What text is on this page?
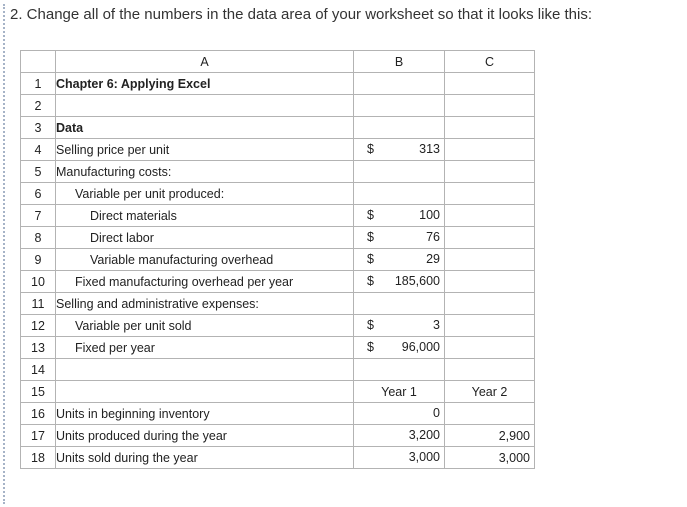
2. Change all of the numbers in the data area of your worksheet so that it looks like this:
	A	B	C
1	Chapter 6: Applying Excel	

2		

3	Data	

4	Selling price per unit	$ 313	

5	Manufacturing costs:	

6	Variable per unit produced:	

7	Direct materials	$ 100	

8	Direct labor	$ 76	

9	Variable manufacturing overhead	$ 29	

10	Fixed manufacturing overhead per year	$ 185,600	

11	Selling and administrative expenses:	

12	Variable per unit sold	$ 3	

13	Fixed per year	$ 96,000	

14		

15		Year 1	Year 2
16	Units in beginning inventory	0	

17	Units produced during the year	3,200	2,900
18	Units sold during the year	3,000	3,000
